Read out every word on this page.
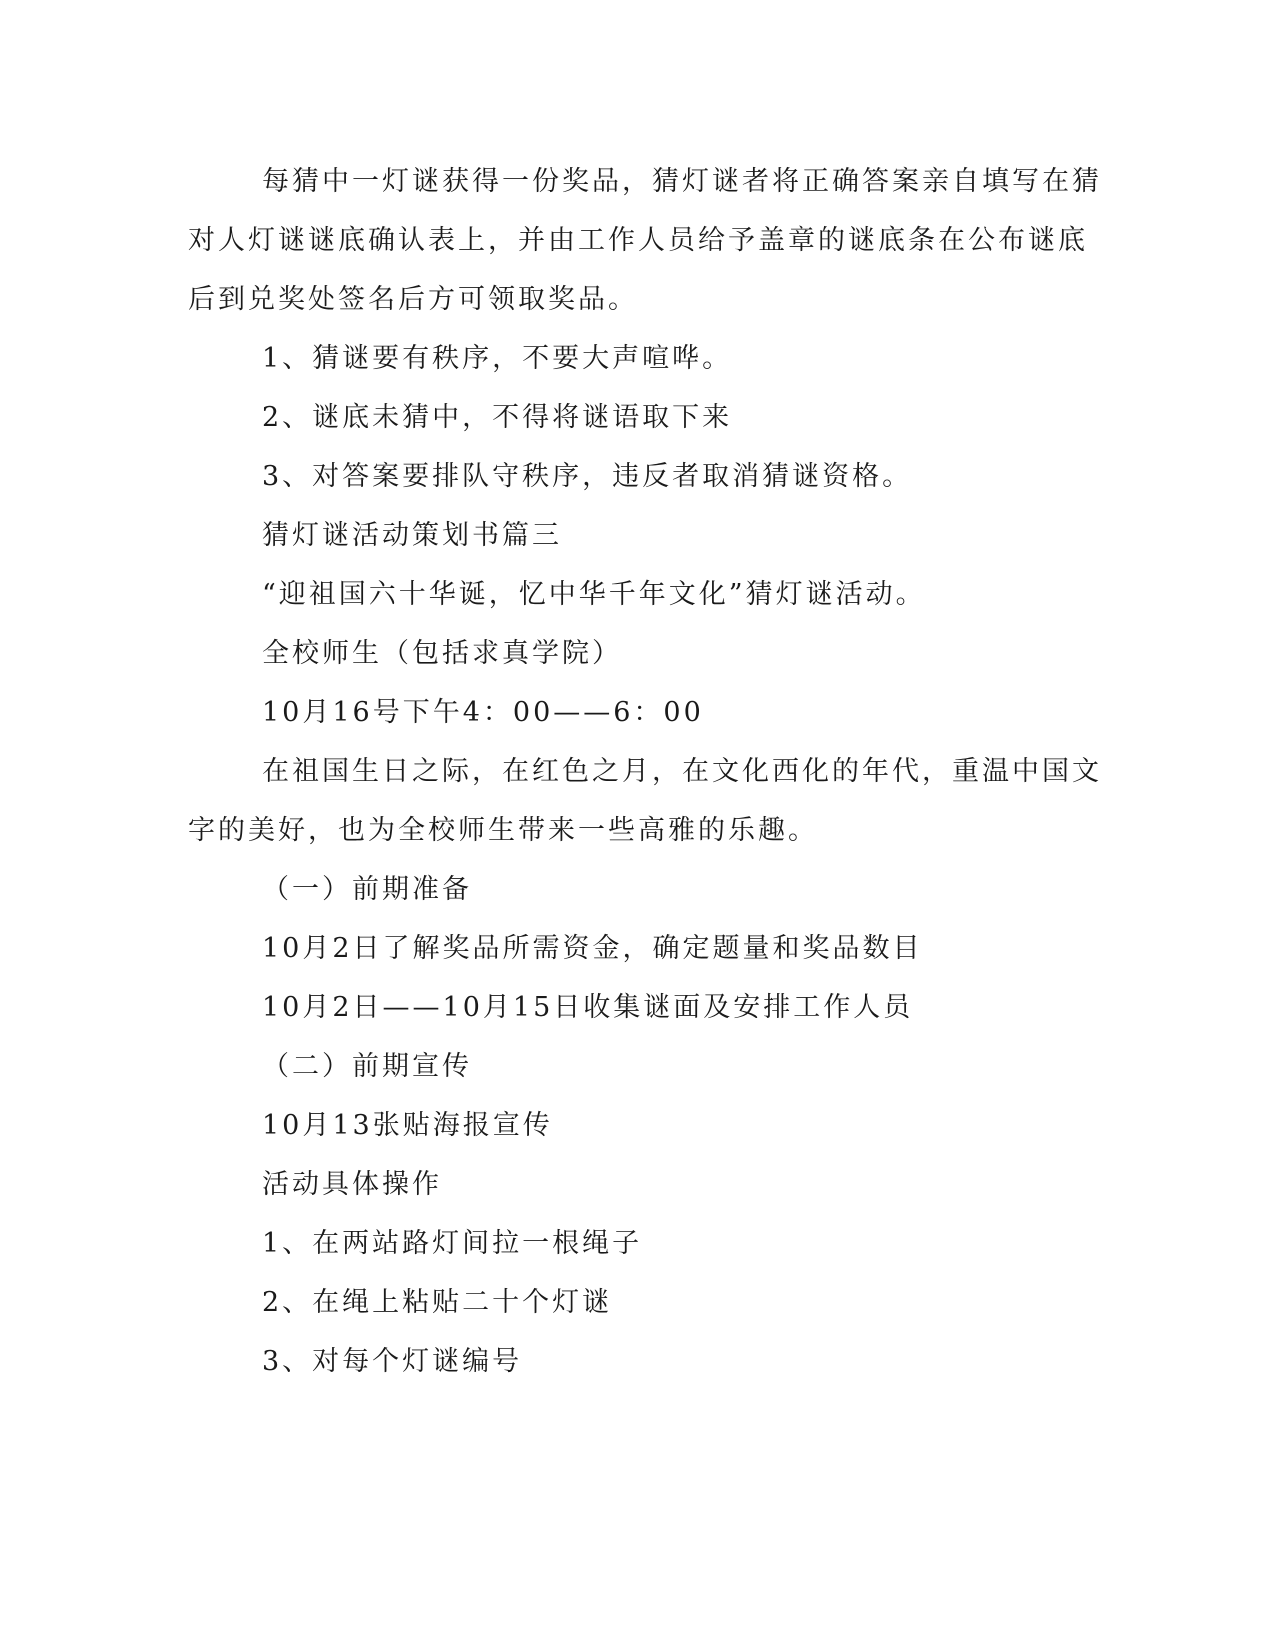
每猜中一灯谜获得一份奖品，猜灯谜者将正确答案亲自填写在猜
对人灯谜谜底确认表上，并由工作人员给予盖章的谜底条在公布谜底
后到兑奖处签名后方可领取奖品。
1、猜谜要有秩序，不要大声喧哗。
2、谜底未猜中，不得将谜语取下来
3、对答案要排队守秩序，违反者取消猜谜资格。
猜灯谜活动策划书篇三
“迎祖国六十华诞，忆中华千年文化”猜灯谜活动。
全校师生（包括求真学院）
10月16号下午4：00——6：00
在祖国生日之际，在红色之月，在文化西化的年代，重温中国文
字的美好，也为全校师生带来一些高雅的乐趣。
（一）前期准备
10月2日了解奖品所需资金，确定题量和奖品数目
10月2日——10月15日收集谜面及安排工作人员
（二）前期宣传
10月13张贴海报宣传
活动具体操作
1、在两站路灯间拉一根绳子
2、在绳上粘贴二十个灯谜
3、对每个灯谜编号
